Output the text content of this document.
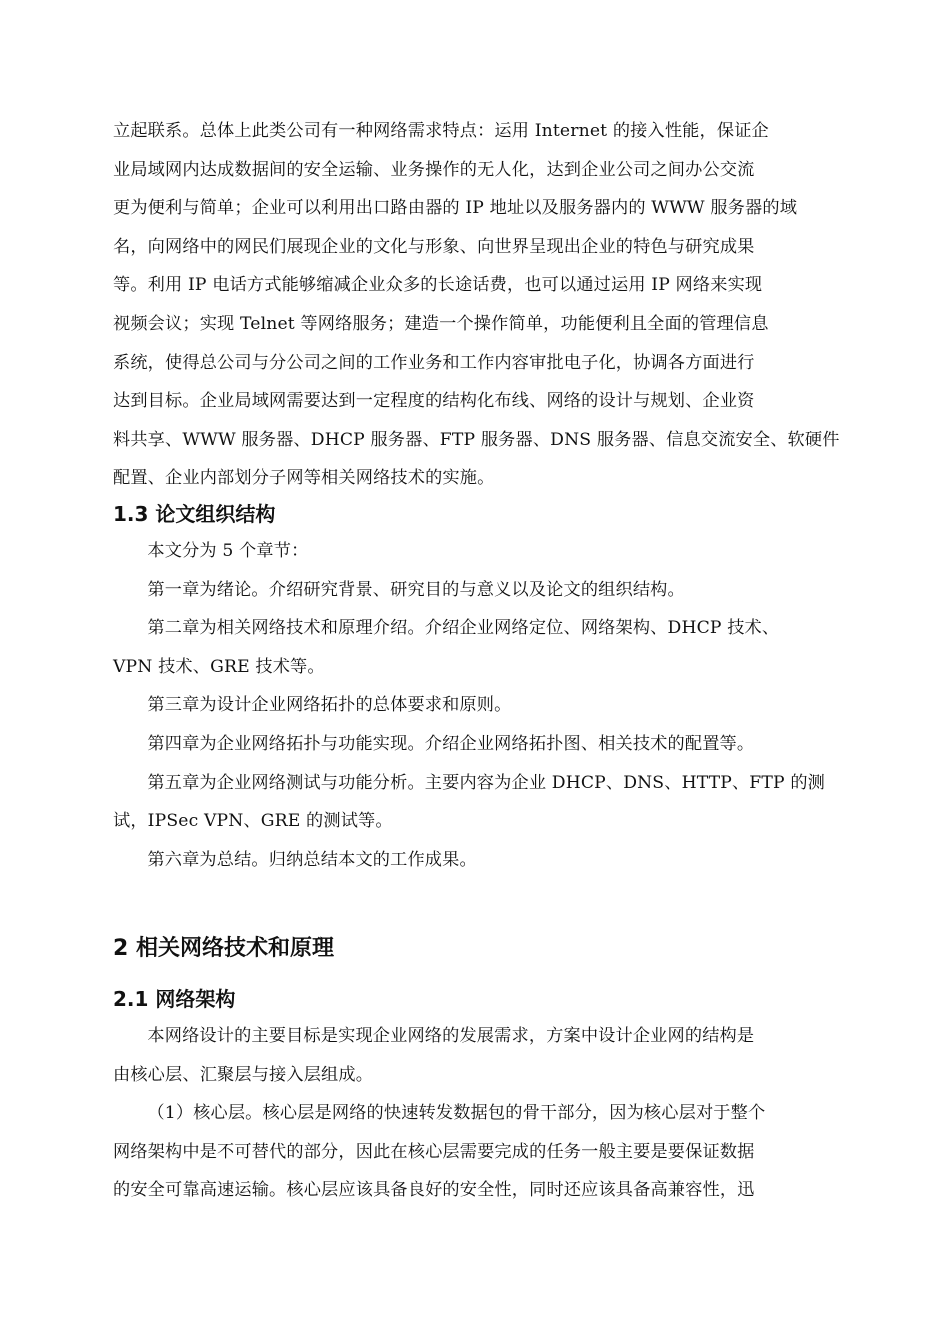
立起联系。总体上此类公司有一种网络需求特点：运用 Internet 的接入性能，保证企
业局域网内达成数据间的安全运输、业务操作的无人化，达到企业公司之间办公交流
更为便利与简单；企业可以利用出口路由器的 IP 地址以及服务器内的 WWW 服务器的域
名，向网络中的网民们展现企业的文化与形象、向世界呈现出企业的特色与研究成果
等。利用 IP 电话方式能够缩减企业众多的长途话费，也可以通过运用 IP 网络来实现
视频会议；实现 Telnet 等网络服务；建造一个操作简单，功能便利且全面的管理信息
系统，使得总公司与分公司之间的工作业务和工作内容审批电子化，协调各方面进行
达到目标。企业局域网需要达到一定程度的结构化布线、网络的设计与规划、企业资
料共享、WWW 服务器、DHCP 服务器、FTP 服务器、DNS 服务器、信息交流安全、软硬件
配置、企业内部划分子网等相关网络技术的实施。

1.3 论文组织结构

本文分为 5 个章节：
第一章为绪论。介绍研究背景、研究目的与意义以及论文的组织结构。
第二章为相关网络技术和原理介绍。介绍企业网络定位、网络架构、DHCP 技术、
VPN 技术、GRE 技术等。
第三章为设计企业网络拓扑的总体要求和原则。
第四章为企业网络拓扑与功能实现。介绍企业网络拓扑图、相关技术的配置等。
第五章为企业网络测试与功能分析。主要内容为企业 DHCP、DNS、HTTP、FTP 的测
试，IPSec VPN、GRE 的测试等。
第六章为总结。归纳总结本文的工作成果。

2 相关网络技术和原理
2.1 网络架构

本网络设计的主要目标是实现企业网络的发展需求，方案中设计企业网的结构是
由核心层、汇聚层与接入层组成。
（1）核心层。核心层是网络的快速转发数据包的骨干部分，因为核心层对于整个
网络架构中是不可替代的部分，因此在核心层需要完成的任务一般主要是要保证数据
的安全可靠高速运输。核心层应该具备良好的安全性，同时还应该具备高兼容性，迅
